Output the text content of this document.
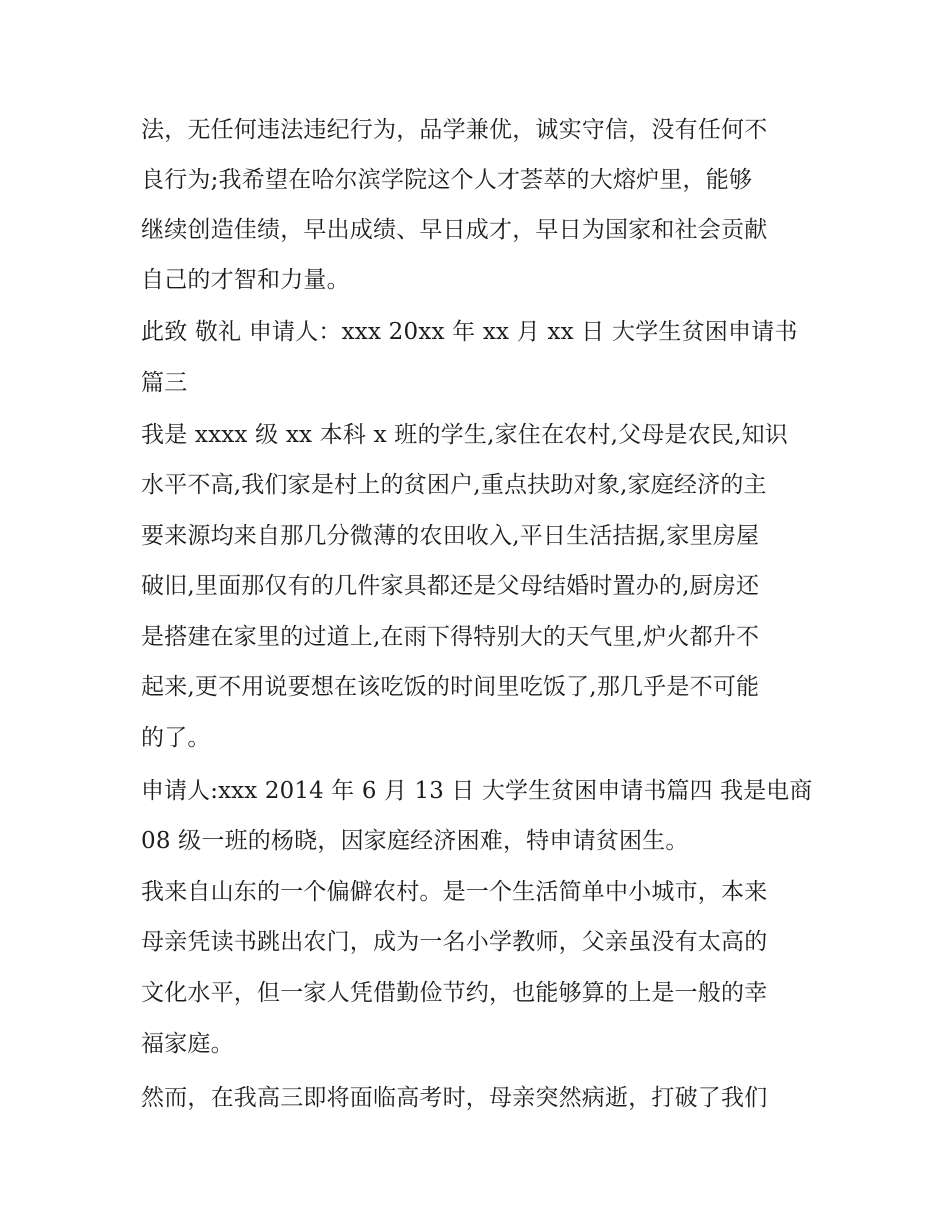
法，无任何违法违纪行为，品学兼优，诚实守信，没有任何不
良行为;我希望在哈尔滨学院这个人才荟萃的大熔炉里，能够
继续创造佳绩，早出成绩、早日成才，早日为国家和社会贡献
自己的才智和力量。
此致 敬礼 申请人：xxx 20xx 年 xx 月 xx 日 大学生贫困申请书
篇三
我是 xxxx 级 xx 本科 x 班的学生,家住在农村,父母是农民,知识
水平不高,我们家是村上的贫困户,重点扶助对象,家庭经济的主
要来源均来自那几分微薄的农田收入,平日生活拮据,家里房屋
破旧,里面那仅有的几件家具都还是父母结婚时置办的,厨房还
是搭建在家里的过道上,在雨下得特别大的天气里,炉火都升不
起来,更不用说要想在该吃饭的时间里吃饭了,那几乎是不可能
的了。
申请人:xxx 2014 年 6 月 13 日 大学生贫困申请书篇四 我是电商
08 级一班的杨晓，因家庭经济困难，特申请贫困生。
我来自山东的一个偏僻农村。是一个生活简单中小城市，本来
母亲凭读书跳出农门，成为一名小学教师，父亲虽没有太高的
文化水平，但一家人凭借勤俭节约，也能够算的上是一般的幸
福家庭。
然而，在我高三即将面临高考时，母亲突然病逝，打破了我们
